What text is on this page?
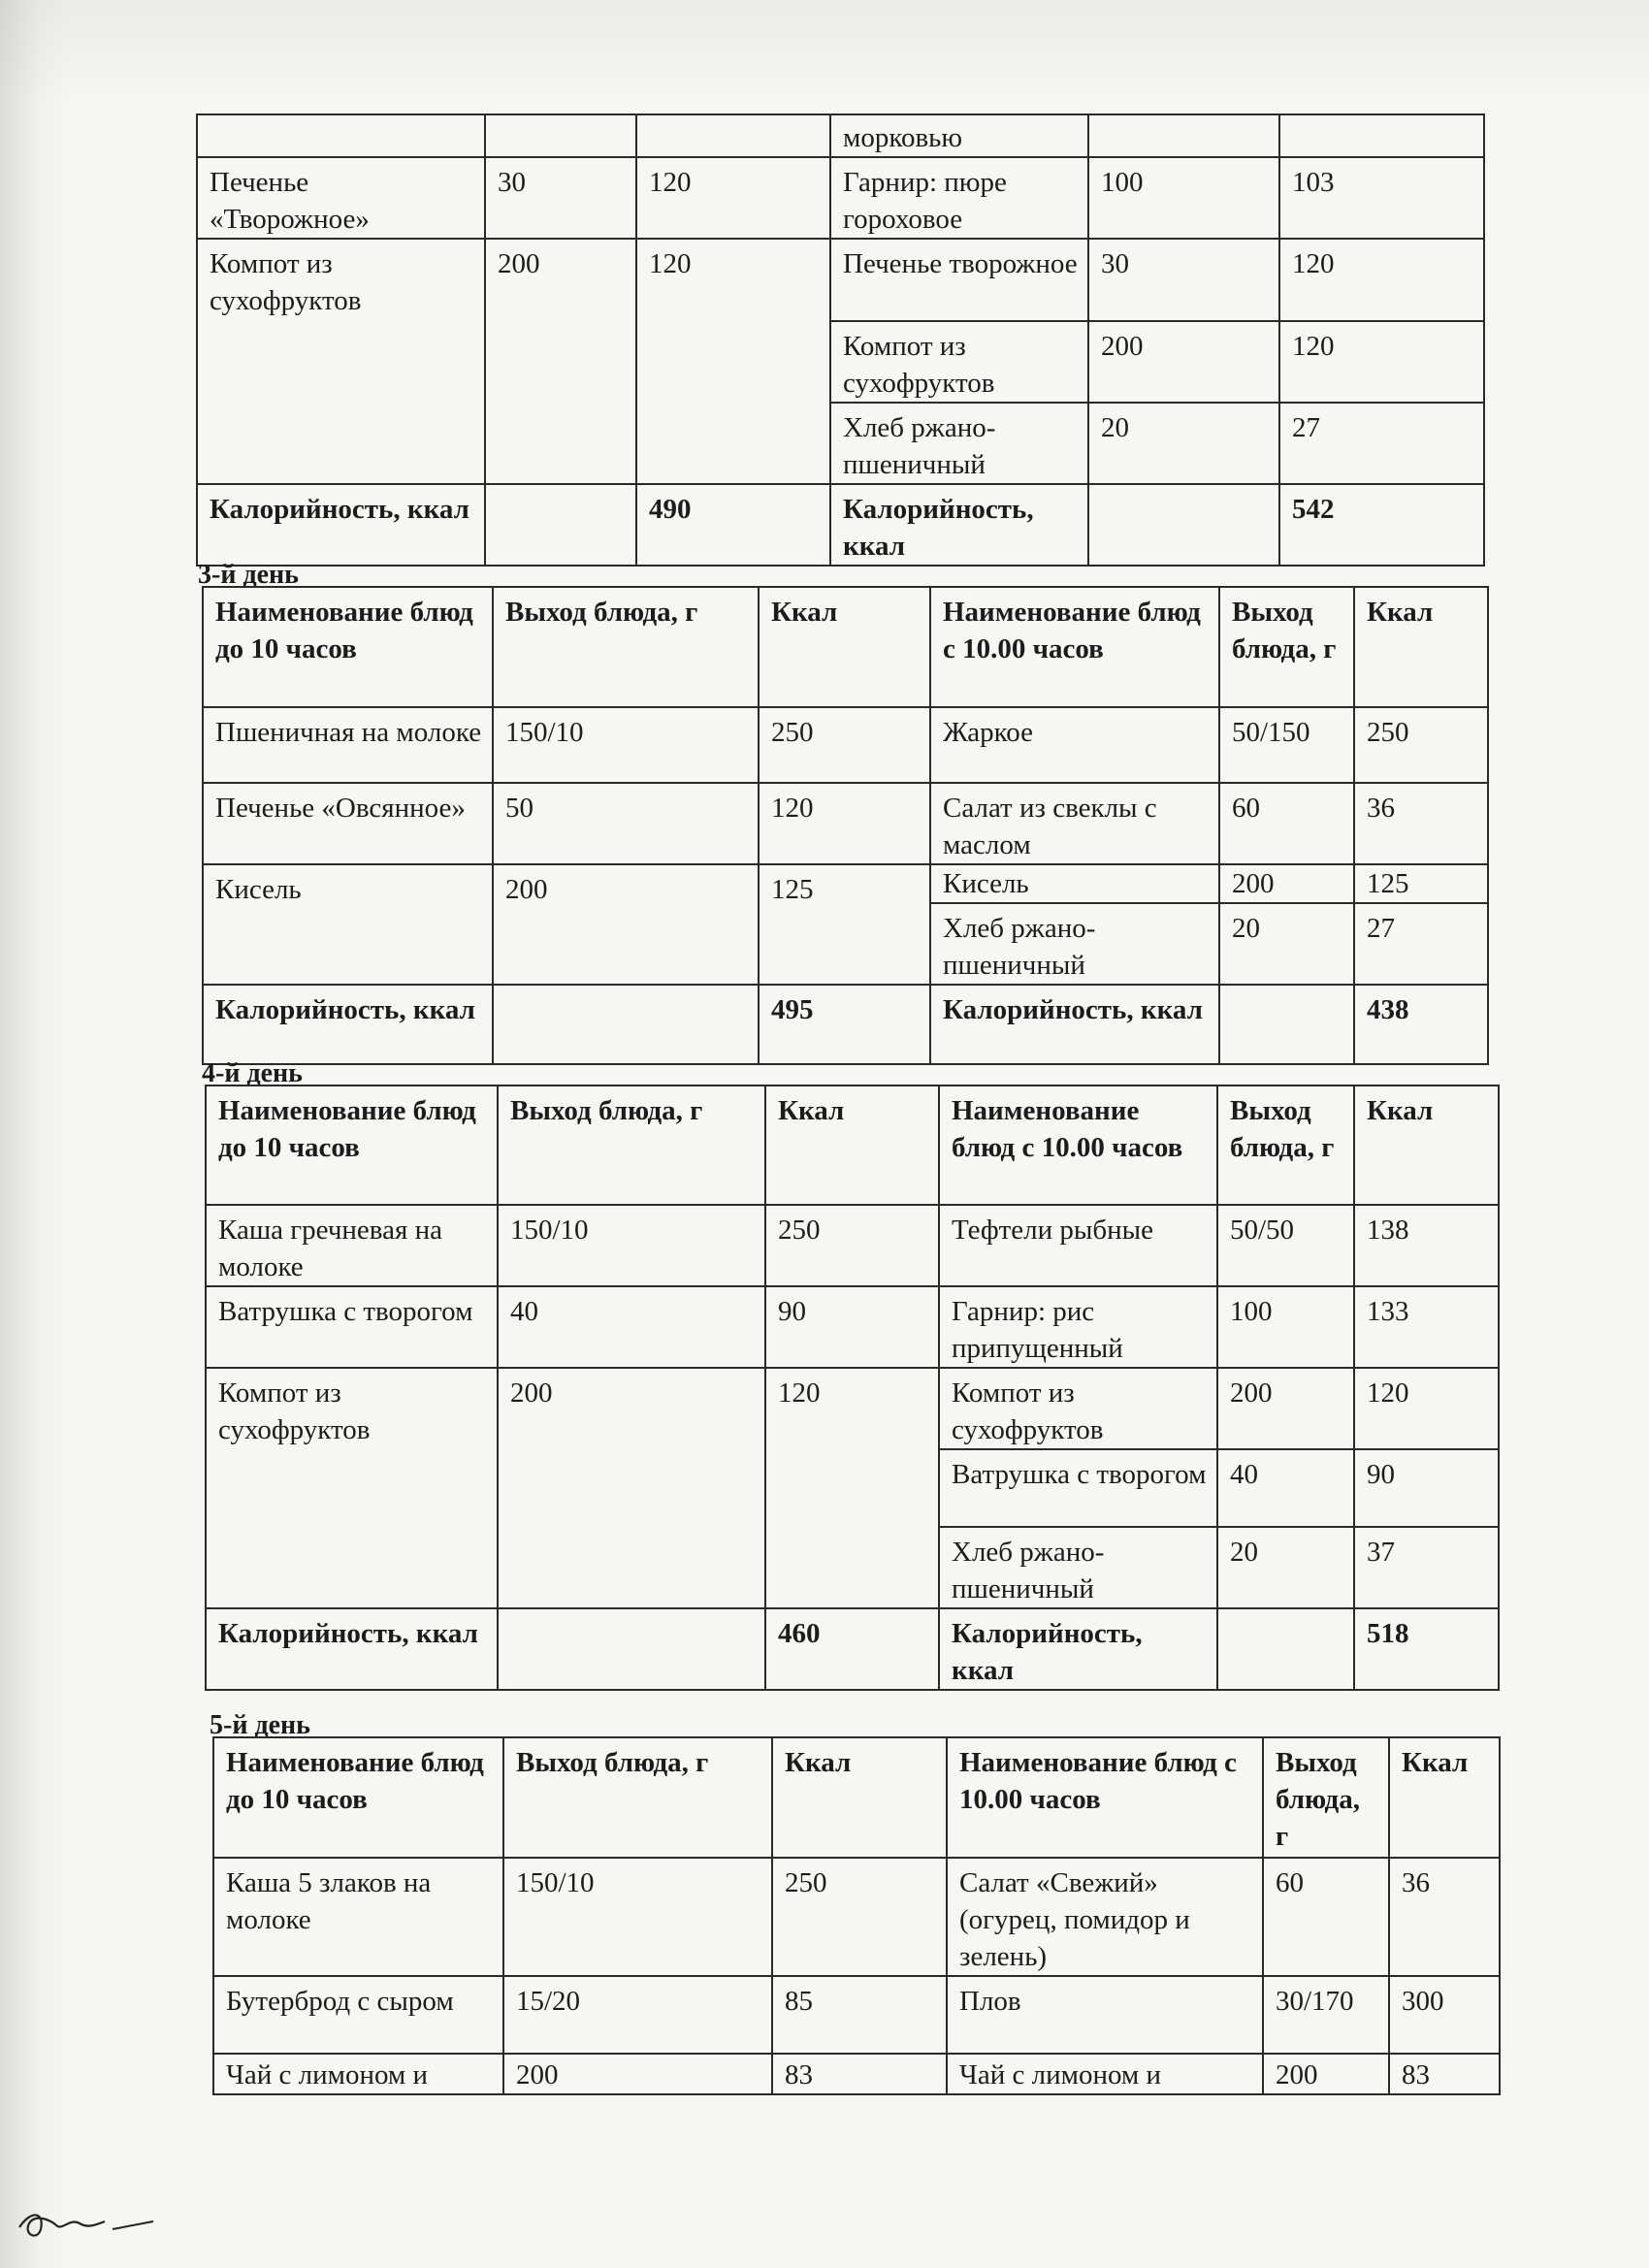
			морковью		
Печенье «Творожное»	30	120	Гарнир: пюре гороховое	100	103
Компот из сухофруктов	200	120	Печенье творожное	30	120
			Компот из сухофруктов	200	120
			Хлеб ржано-пшеничный	20	27
Калорийность, ккал		490	Калорийность, ккал		542
3-й день
Наименование блюд до 10 часов	Выход блюда, г	Ккал	Наименование блюд с 10.00 часов	Выход блюда, г	Ккал
Пшеничная на молоке	150/10	250	Жаркое	50/150	250
Печенье «Овсянное»	50	120	Салат из свеклы с маслом	60	36
Кисель	200	125	Кисель	200	125
			Хлеб ржано-пшеничный	20	27
Калорийность, ккал		495	Калорийность, ккал		438
4-й день
Наименование блюд до 10 часов	Выход блюда, г	Ккал	Наименование блюд с 10.00 часов	Выход блюда, г	Ккал
Каша гречневая на молоке	150/10	250	Тефтели рыбные	50/50	138
Ватрушка с творогом	40	90	Гарнир: рис припущенный	100	133
Компот из сухофруктов	200	120	Компот из сухофруктов	200	120
			Ватрушка с творогом	40	90
			Хлеб ржано-пшеничный	20	37
Калорийность, ккал		460	Калорийность, ккал		518
5-й день
Наименование блюд до 10 часов	Выход блюда, г	Ккал	Наименование блюд с 10.00 часов	Выход блюда, г	Ккал
Каша 5 злаков на молоке	150/10	250	Салат «Свежий» (огурец, помидор и зелень)	60	36
Бутерброд с сыром	15/20	85	Плов	30/170	300
Чай с лимоном и	200	83	Чай с лимоном и	200	83
